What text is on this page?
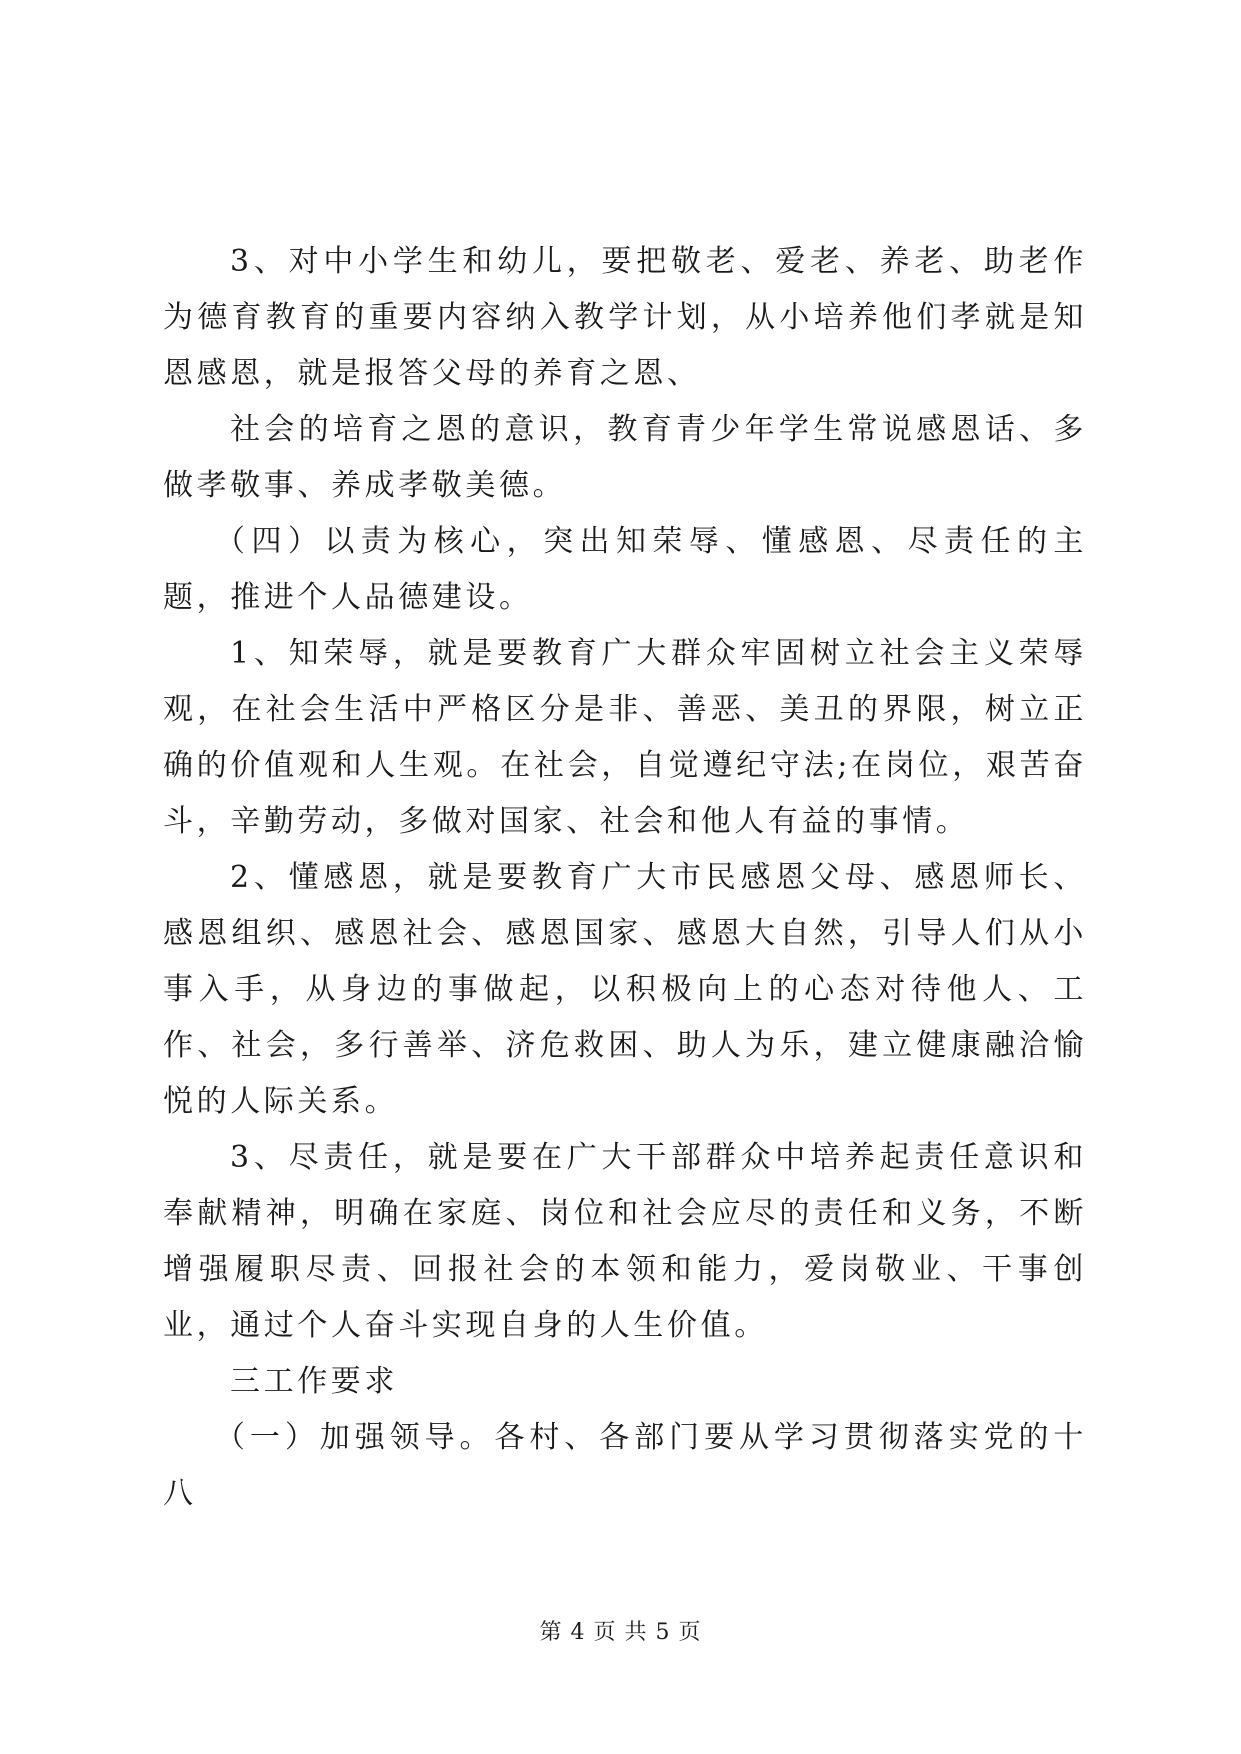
3、对中小学生和幼儿，要把敬老、爱老、养老、助老作为德育教育的重要内容纳入教学计划，从小培养他们孝就是知恩感恩，就是报答父母的养育之恩、

社会的培育之恩的意识，教育青少年学生常说感恩话、多做孝敬事、养成孝敬美德。

（四）以责为核心，突出知荣辱、懂感恩、尽责任的主题，推进个人品德建设。

1、知荣辱，就是要教育广大群众牢固树立社会主义荣辱观，在社会生活中严格区分是非、善恶、美丑的界限，树立正确的价值观和人生观。在社会，自觉遵纪守法;在岗位，艰苦奋斗，辛勤劳动，多做对国家、社会和他人有益的事情。

2、懂感恩，就是要教育广大市民感恩父母、感恩师长、感恩组织、感恩社会、感恩国家、感恩大自然，引导人们从小事入手，从身边的事做起，以积极向上的心态对待他人、工作、社会，多行善举、济危救困、助人为乐，建立健康融洽愉悦的人际关系。

3、尽责任，就是要在广大干部群众中培养起责任意识和奉献精神，明确在家庭、岗位和社会应尽的责任和义务，不断增强履职尽责、回报社会的本领和能力，爱岗敬业、干事创业，通过个人奋斗实现自身的人生价值。

三工作要求

（一）加强领导。各村、各部门要从学习贯彻落实党的十八

第 4 页 共 5 页
